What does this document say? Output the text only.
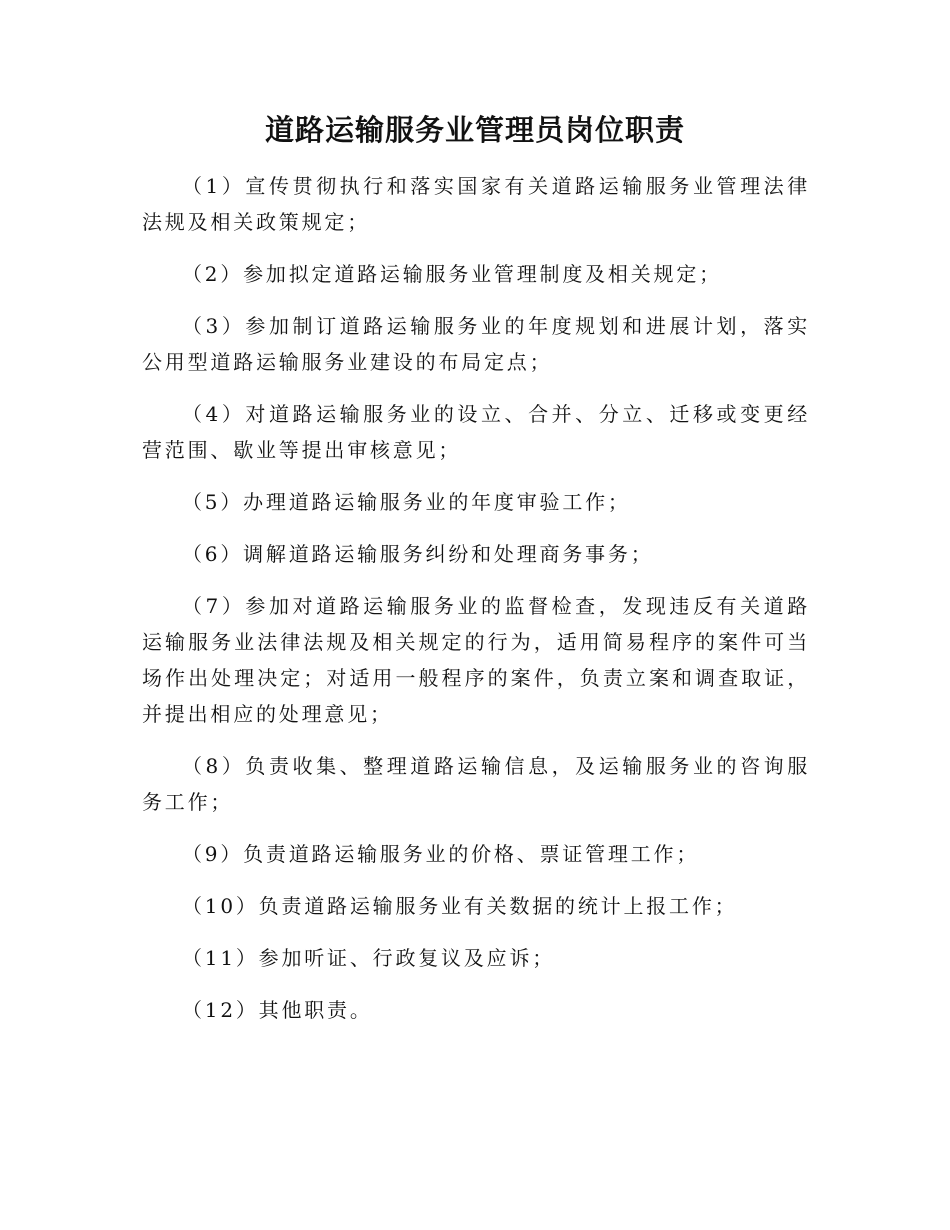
道路运输服务业管理员岗位职责

（1）宣传贯彻执行和落实国家有关道路运输服务业管理法律法规及相关政策规定；

（2）参加拟定道路运输服务业管理制度及相关规定；

（3）参加制订道路运输服务业的年度规划和进展计划，落实公用型道路运输服务业建设的布局定点；

（4）对道路运输服务业的设立、合并、分立、迁移或变更经营范围、歇业等提出审核意见；

（5）办理道路运输服务业的年度审验工作；

（6）调解道路运输服务纠纷和处理商务事务；

（7）参加对道路运输服务业的监督检查，发现违反有关道路运输服务业法律法规及相关规定的行为，适用简易程序的案件可当场作出处理决定；对适用一般程序的案件，负责立案和调查取证，并提出相应的处理意见；

（8）负责收集、整理道路运输信息，及运输服务业的咨询服务工作；

（9）负责道路运输服务业的价格、票证管理工作；

（10）负责道路运输服务业有关数据的统计上报工作；

（11）参加听证、行政复议及应诉；

（12）其他职责。
